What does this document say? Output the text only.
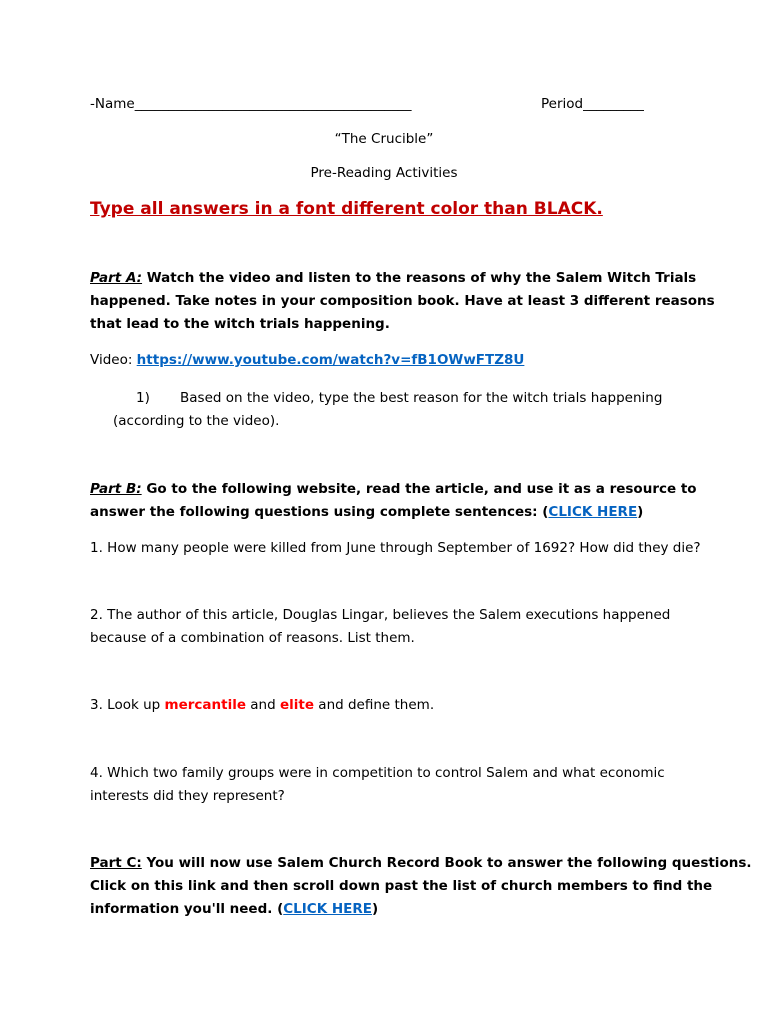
-Name_________________________________________	Period_________
“The Crucible”
Pre-Reading Activities
Type all answers in a font different color than BLACK.
Part A: Watch the video and listen to the reasons of why the Salem Witch Trials
happened. Take notes in your composition book. Have at least 3 different reasons
that lead to the witch trials happening.
Video: https://www.youtube.com/watch?v=fB1OWwFTZ8U
1) Based on the video, type the best reason for the witch trials happening
(according to the video).
Part B: Go to the following website, read the article, and use it as a resource to
answer the following questions using complete sentences: (CLICK HERE)
1. How many people were killed from June through September of 1692? How did they die?
2. The author of this article, Douglas Lingar, believes the Salem executions happened
because of a combination of reasons. List them.
3. Look up mercantile and elite and define them.
4. Which two family groups were in competition to control Salem and what economic
interests did they represent?
Part C: You will now use Salem Church Record Book to answer the following questions.
Click on this link and then scroll down past the list of church members to find the
information you'll need. (CLICK HERE)
